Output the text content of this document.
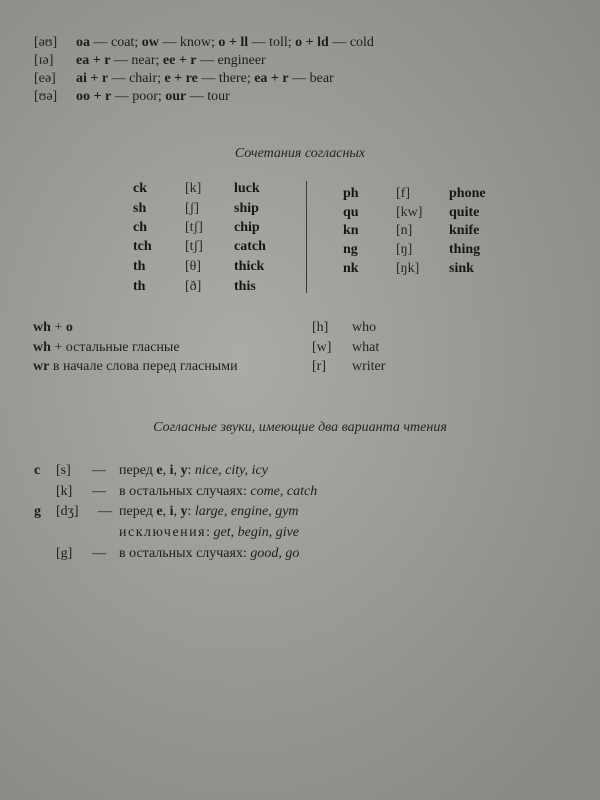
[əʊ] oa — coat; ow — know; o + ll — toll; o + ld — cold
[ɪə] ea + r — near; ee + r — engineer
[eə] ai + r — chair; e + re — there; ea + r — bear
[ʊə] oo + r — poor; our — tour
Сочетания согласных
ck	[k] luck
sh	[ʃ]	ship
ch	[tʃ] chip
tch [tʃ] catch
th	[θ] thick
th	[ð] this
ph	[f]	phone
qu	[kw] quite
kn	[n]	knife
ng	[ŋ]	thing
nk	[ŋk] sink
wh + o	[h] who
wh + остальные гласные	[w] what
wr в начале слова перед гласными	[r] writer
Согласные звуки, имеющие два варианта чтения
c [s] — перед e, i, y: nice, city, icy
[k] — в остальных случаях: come, catch
g [dʒ] — перед e, i, y: large, engine, gym
исключения: get, begin, give
[g] — в остальных случаях: good, go
